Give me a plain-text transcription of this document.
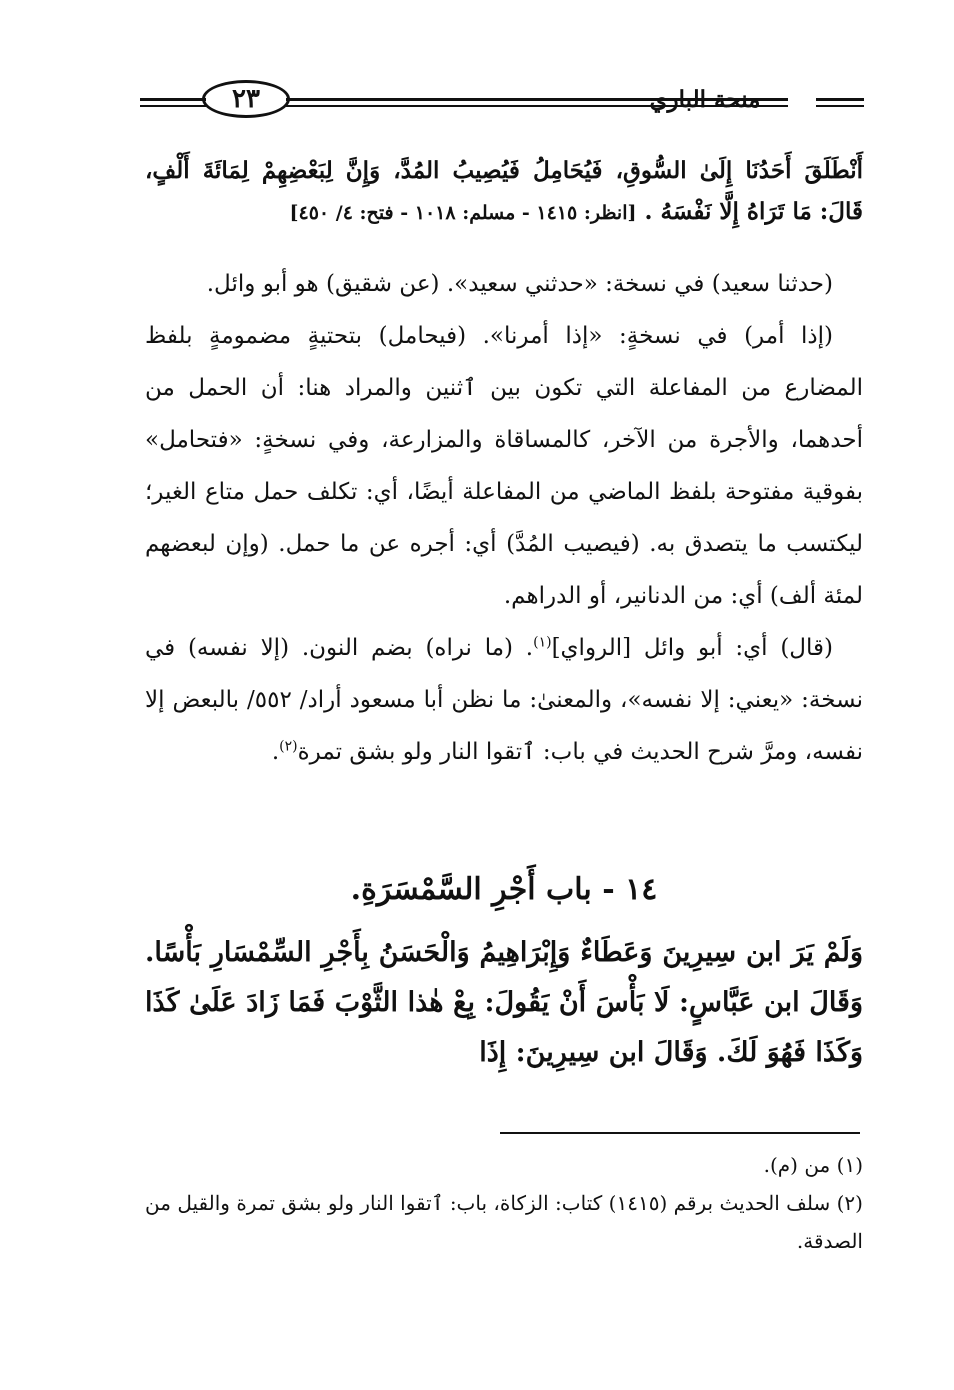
٢٣	منحة الباري
أَنْطَلَقَ أَحَدُنَا إِلَىٰ السُّوقِ، فَيُحَامِلُ فَيُصِيبُ المُدَّ، وَإِنَّ لِبَعْضِهِمْ لِمَائَةَ أَلْفٍ، قَالَ: مَا تَرَاهُ إِلَّا نَفْسَهُ . [انظر: ١٤١٥ - مسلم: ١٠١٨ - فتح: ٤/ ٤٥٠]

(حدثنا سعيد) في نسخة: «حدثني سعيد». (عن شقيق) هو أبو وائل.

(إذا أمر) في نسخةٍ: «إذا أمرنا». (فيحامل) بتحتيةٍ مضمومةٍ بلفظ المضارع من المفاعلة التي تكون بين ٱثنين والمراد هنا: أن الحمل من أحدهما، والأجرة من الآخر، كالمساقاة والمزارعة، وفي نسخةٍ: «فتحامل» بفوقية مفتوحة بلفظ الماضي من المفاعلة أيضًا، أي: تكلف حمل متاع الغير؛ ليكتسب ما يتصدق به. (فيصيب المُدَّ) أي: أجره عن ما حمل. (وإن لبعضهم لمئة ألف) أي: من الدنانير، أو الدراهم.

(قال) أي: أبو وائل [الرواي]$^{(١)}$. (ما نراه) بضم النون. (إلا نفسه) في نسخة: «يعني: إلا نفسه»، والمعنىٰ: ما نظن أبا مسعود أراد/ ٥٥٢/ بالبعض إلا نفسه، ومرَّ شرح الحديث في باب: ٱتقوا النار ولو بشق تمرة$^{(٢)}$.

١٤ - باب أَجْرِ السَّمْسَرَةِ.
وَلَمْ يَرَ ابن سِيرِينَ وَعَطَاءٌ وَإِبْرَاهِيمُ وَالْحَسَنُ بِأَجْرِ السِّمْسَارِ بَأْسًا. وَقَالَ ابن عَبَّاسٍ: لَا بَأْسَ أَنْ يَقُولَ: بِعْ هٰذا الثَّوْبَ فَمَا زَادَ عَلَىٰ كَذَا وَكَذَا فَهُوَ لَكَ. وَقَالَ ابن سِيرِينَ: إِذَا

(١) من (م).

(٢) سلف الحديث برقم (١٤١٥) كتاب: الزكاة، باب: ٱتقوا النار ولو بشق تمرة والقيل من الصدقة.
